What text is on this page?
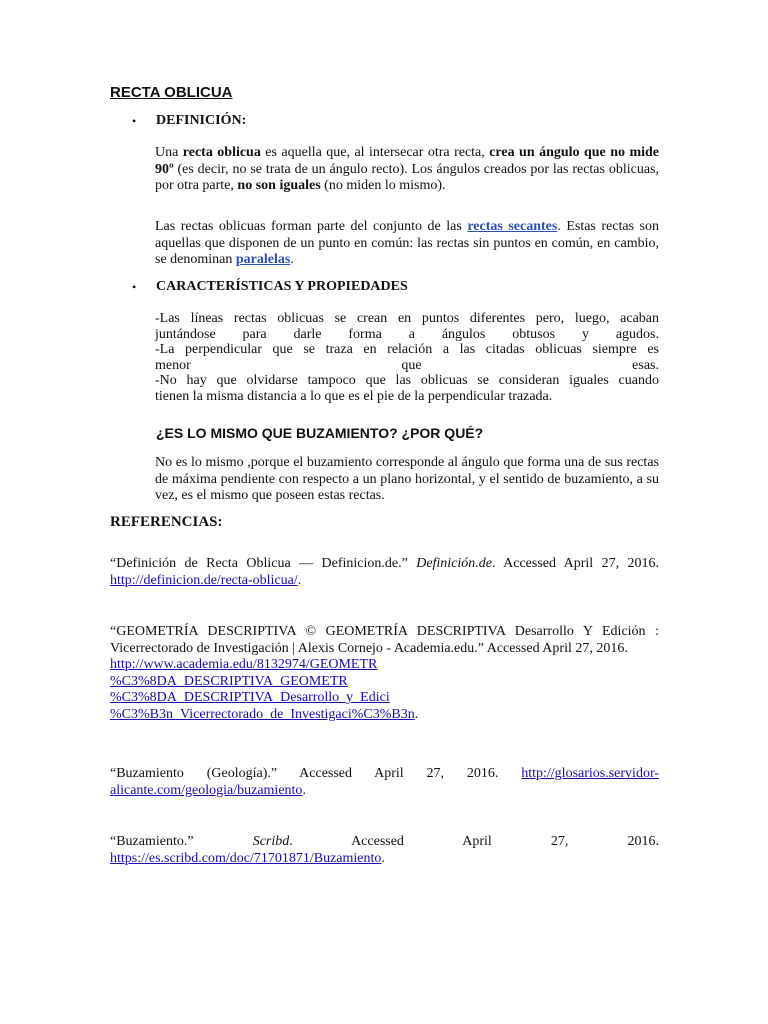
RECTA OBLICUA
• DEFINICIÓN:
Una recta oblicua es aquella que, al intersecar otra recta, crea un ángulo que no mide 90º (es decir, no se trata de un ángulo recto). Los ángulos creados por las rectas oblicuas, por otra parte, no son iguales (no miden lo mismo).
Las rectas oblicuas forman parte del conjunto de las rectas secantes. Estas rectas son aquellas que disponen de un punto en común: las rectas sin puntos en común, en cambio, se denominan paralelas.
• CARACTERÍSTICAS Y PROPIEDADES
-Las líneas rectas oblicuas se crean en puntos diferentes pero, luego, acaban
juntándose para darle forma a ángulos obtusos y agudos.
-La perpendicular que se traza en relación a las citadas oblicuas siempre es
menor que esas.
-No hay que olvidarse tampoco que las oblicuas se consideran iguales cuando
tienen la misma distancia a lo que es el pie de la perpendicular trazada.
¿ES LO MISMO QUE BUZAMIENTO? ¿POR QUÉ?
No es lo mismo ,porque el buzamiento corresponde al ángulo que forma una de sus rectas de máxima pendiente con respecto a un plano horizontal, y el sentido de buzamiento, a su vez, es el mismo que poseen estas rectas.
REFERENCIAS:
“Definición de Recta Oblicua — Definicion.de.” Definición.de. Accessed April 27, 2016. http://definicion.de/recta-oblicua/.
“GEOMETRÍA DESCRIPTIVA © GEOMETRÍA DESCRIPTIVA Desarrollo Y Edición : Vicerrectorado de Investigación | Alexis Cornejo - Academia.edu.” Accessed April 27, 2016.
http://www.academia.edu/8132974/GEOMETR
%C3%8DA_DESCRIPTIVA_GEOMETR
%C3%8DA_DESCRIPTIVA_Desarrollo_y_Edici
%C3%B3n_Vicerrectorado_de_Investigaci%C3%B3n.
“Buzamiento (Geología).” Accessed April 27, 2016. http://glosarios.servidor-alicante.com/geologia/buzamiento.
“Buzamiento.” Scribd. Accessed April 27, 2016. https://es.scribd.com/doc/71701871/Buzamiento.
